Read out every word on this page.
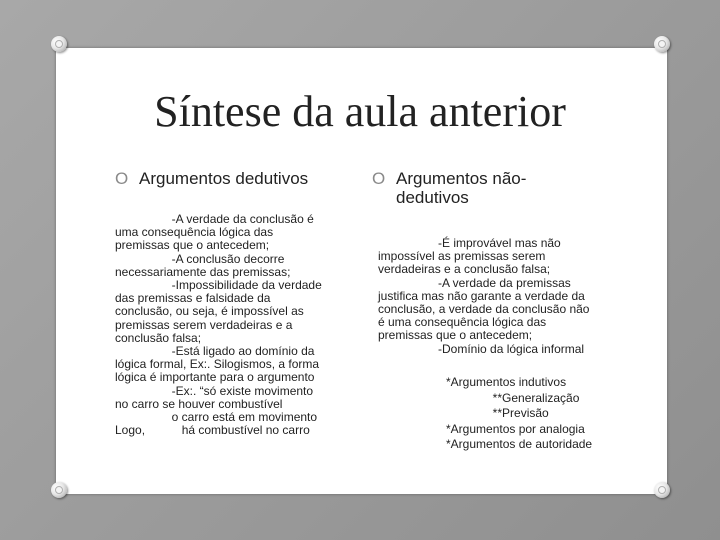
Síntese da aula anterior
O Argumentos dedutivos	O Argumentos não-
dedutivos
-A verdade da conclusão é
uma consequência lógica das
premissas que o antecedem;
-A conclusão decorre
necessariamente das premissas;
-Impossibilidade da verdade
das premissas e falsidade da
conclusão, ou seja, é impossível as
premissas serem verdadeiras e a
conclusão falsa;
-Está ligado ao domínio da
lógica formal, Ex:. Silogismos, a forma
lógica é importante para o argumento
-Ex:. “só existe movimento
no carro se houver combustível
o carro está em movimento
Logo,           há combustível no carro
-É improvável mas não
impossível as premissas serem
verdadeiras e a conclusão falsa;
-A verdade da premissas
justifica mas não garante a verdade da
conclusão, a verdade da conclusão não
é uma consequência lógica das
premissas que o antecedem;
-Domínio da lógica informal
*Argumentos indutivos
**Generalização
**Previsão
*Argumentos por analogia
*Argumentos de autoridade
